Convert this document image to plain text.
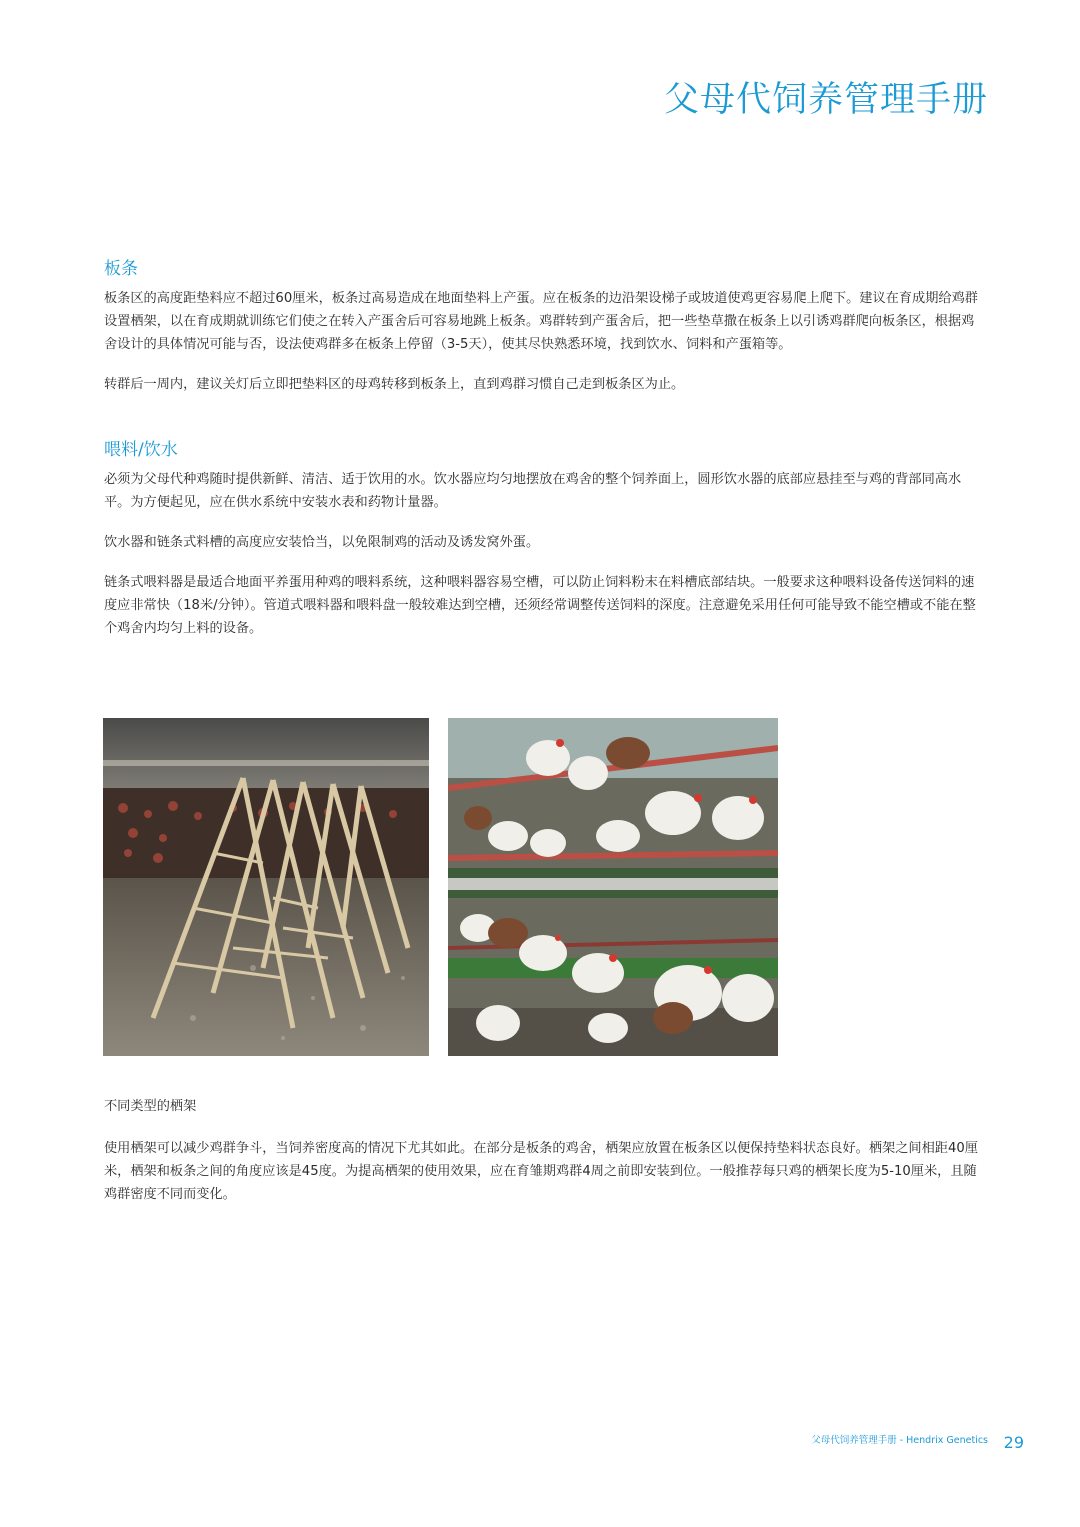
父母代饲养管理手册
板条

板条区的高度距垫料应不超过60厘米，板条过高易造成在地面垫料上产蛋。应在板条的边沿架设梯子或坡道使鸡更容易爬上爬下。建议在育成期给鸡群设置栖架，以在育成期就训练它们使之在转入产蛋舍后可容易地跳上板条。鸡群转到产蛋舍后，把一些垫草撒在板条上以引诱鸡群爬向板条区，根据鸡舍设计的具体情况可能与否，设法使鸡群多在板条上停留（3-5天），使其尽快熟悉环境，找到饮水、饲料和产蛋箱等。

转群后一周内，建议关灯后立即把垫料区的母鸡转移到板条上，直到鸡群习惯自己走到板条区为止。

喂料/饮水

必须为父母代种鸡随时提供新鲜、清洁、适于饮用的水。饮水器应均匀地摆放在鸡舍的整个饲养面上，圆形饮水器的底部应悬挂至与鸡的背部同高水平。为方便起见，应在供水系统中安装水表和药物计量器。

饮水器和链条式料槽的高度应安装恰当，以免限制鸡的活动及诱发窝外蛋。

链条式喂料器是最适合地面平养蛋用种鸡的喂料系统，这种喂料器容易空槽，可以防止饲料粉末在料槽底部结块。一般要求这种喂料设备传送饲料的速度应非常快（18米/分钟）。管道式喂料器和喂料盘一般较难达到空槽，还须经常调整传送饲料的深度。注意避免采用任何可能导致不能空槽或不能在整个鸡舍内均匀上料的设备。

不同类型的栖架

使用栖架可以减少鸡群争斗，当饲养密度高的情况下尤其如此。在部分是板条的鸡舍，栖架应放置在板条区以便保持垫料状态良好。栖架之间相距40厘米，栖架和板条之间的角度应该是45度。为提高栖架的使用效果，应在育雏期鸡群4周之前即安装到位。一般推荐每只鸡的栖架长度为5-10厘米，且随鸡群密度不同而变化。

父母代饲养管理手册 - Hendrix Genetics 29
